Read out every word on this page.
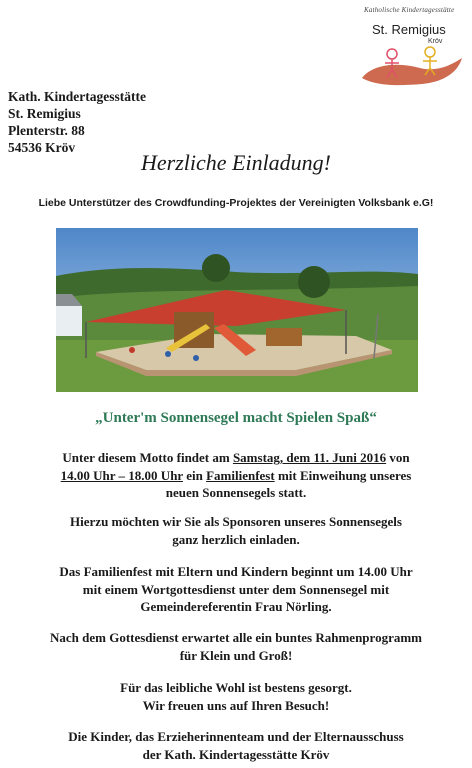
Katholische Kindertagesstätte
St. Remigius
Kröv
Kath. Kindertagesstätte
St. Remigius
Plenterstr. 88
54536 Kröv
Herzliche Einladung!
Liebe Unterstützer des Crowdfunding-Projektes der Vereinigten Volksbank e.G!
„Unter'm Sonnensegel macht Spielen Spaß“
Unter diesem Motto findet am Samstag, dem 11. Juni 2016 von
14.00 Uhr – 18.00 Uhr ein Familienfest mit Einweihung unseres
neuen Sonnensegels statt.
Hierzu möchten wir Sie als Sponsoren unseres Sonnensegels
ganz herzlich einladen.
Das Familienfest mit Eltern und Kindern beginnt um 14.00 Uhr
mit einem Wortgottesdienst unter dem Sonnensegel mit
Gemeindereferentin Frau Nörling.
Nach dem Gottesdienst erwartet alle ein buntes Rahmenprogramm
für Klein und Groß!
Für das leibliche Wohl ist bestens gesorgt.
Wir freuen uns auf Ihren Besuch!
Die Kinder, das Erzieherinnenteam und der Elternausschuss
der Kath. Kindertagesstätte Kröv
